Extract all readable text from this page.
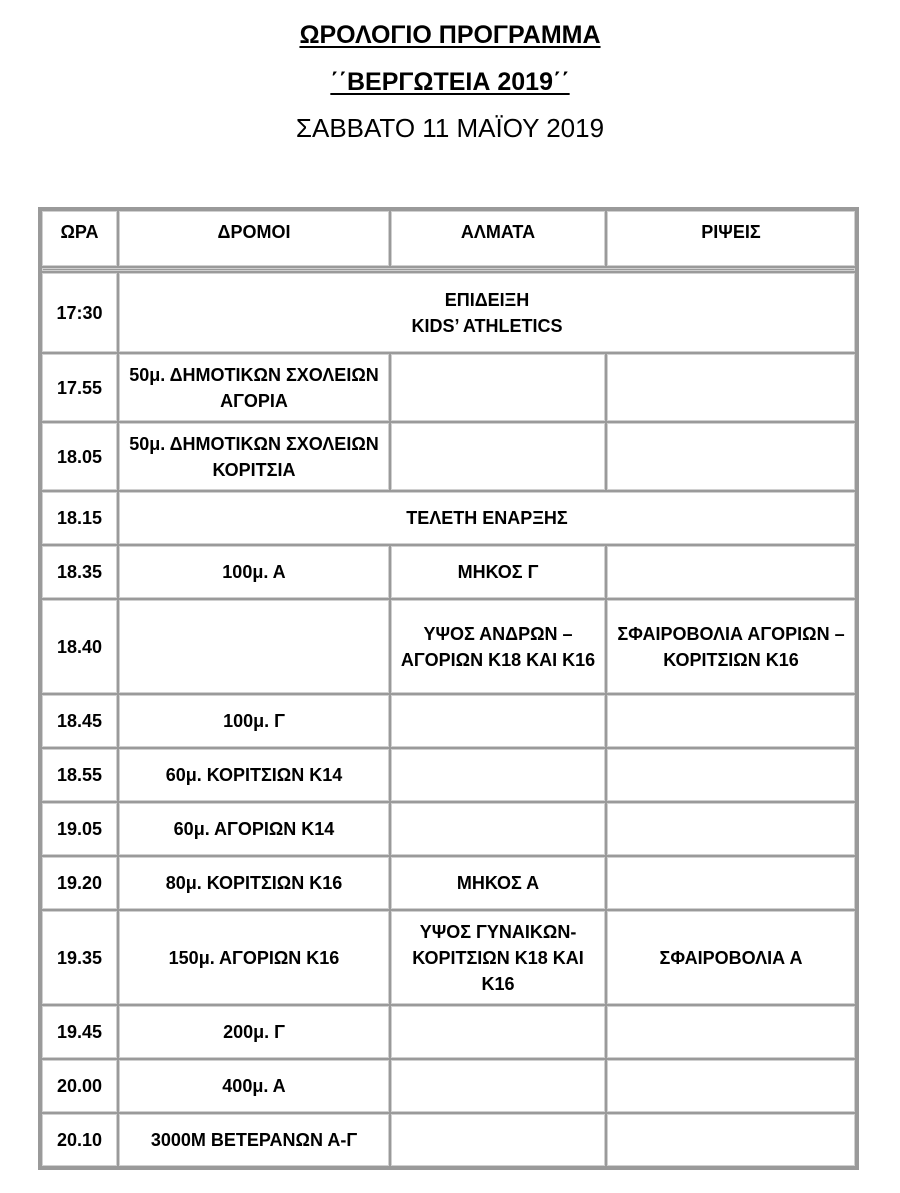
ΩΡΟΛΟΓΙΟ ΠΡΟΓΡΑΜΜΑ
΄΄ΒΕΡΓΩΤΕΙΑ 2019΄΄
ΣΑΒΒΑΤΟ 11 ΜΑΪΟΥ 2019
ΩΡΑ	ΔΡΟΜΟΙ	ΑΛΜΑΤΑ	ΡΙΨΕΙΣ

17:30	ΕΠΙΔΕΙΞΗ
KIDS’ ATHLETICS		

17.55	50μ. ΔΗΜΟΤΙΚΩΝ ΣΧΟΛΕΙΩΝ ΑΓΟΡΙΑ		
18.05	50μ. ΔΗΜΟΤΙΚΩΝ ΣΧΟΛΕΙΩΝ ΚΟΡΙΤΣΙΑ		
18.15	ΤΕΛΕΤΗ ΕΝΑΡΞΗΣ		
18.35	100μ. Α	ΜΗΚΟΣ Γ	
18.40		ΥΨΟΣ ΑΝΔΡΩΝ – ΑΓΟΡΙΩΝ Κ18 ΚΑΙ Κ16	ΣΦΑΙΡΟΒΟΛΙΑ ΑΓΟΡΙΩΝ – ΚΟΡΙΤΣΙΩΝ Κ16
18.45	100μ. Γ		
18.55	60μ. ΚΟΡΙΤΣΙΩΝ Κ14		
19.05	60μ. ΑΓΟΡΙΩΝ Κ14		
19.20	80μ. ΚΟΡΙΤΣΙΩΝ Κ16	ΜΗΚΟΣ Α	
19.35	150μ. ΑΓΟΡΙΩΝ Κ16	ΥΨΟΣ ΓΥΝΑΙΚΩΝ-ΚΟΡΙΤΣΙΩΝ Κ18 ΚΑΙ Κ16	ΣΦΑΙΡΟΒΟΛΙΑ Α
19.45	200μ. Γ		
20.00	400μ. Α		
20.10	3000Μ ΒΕΤΕΡΑΝΩΝ Α-Γ		
